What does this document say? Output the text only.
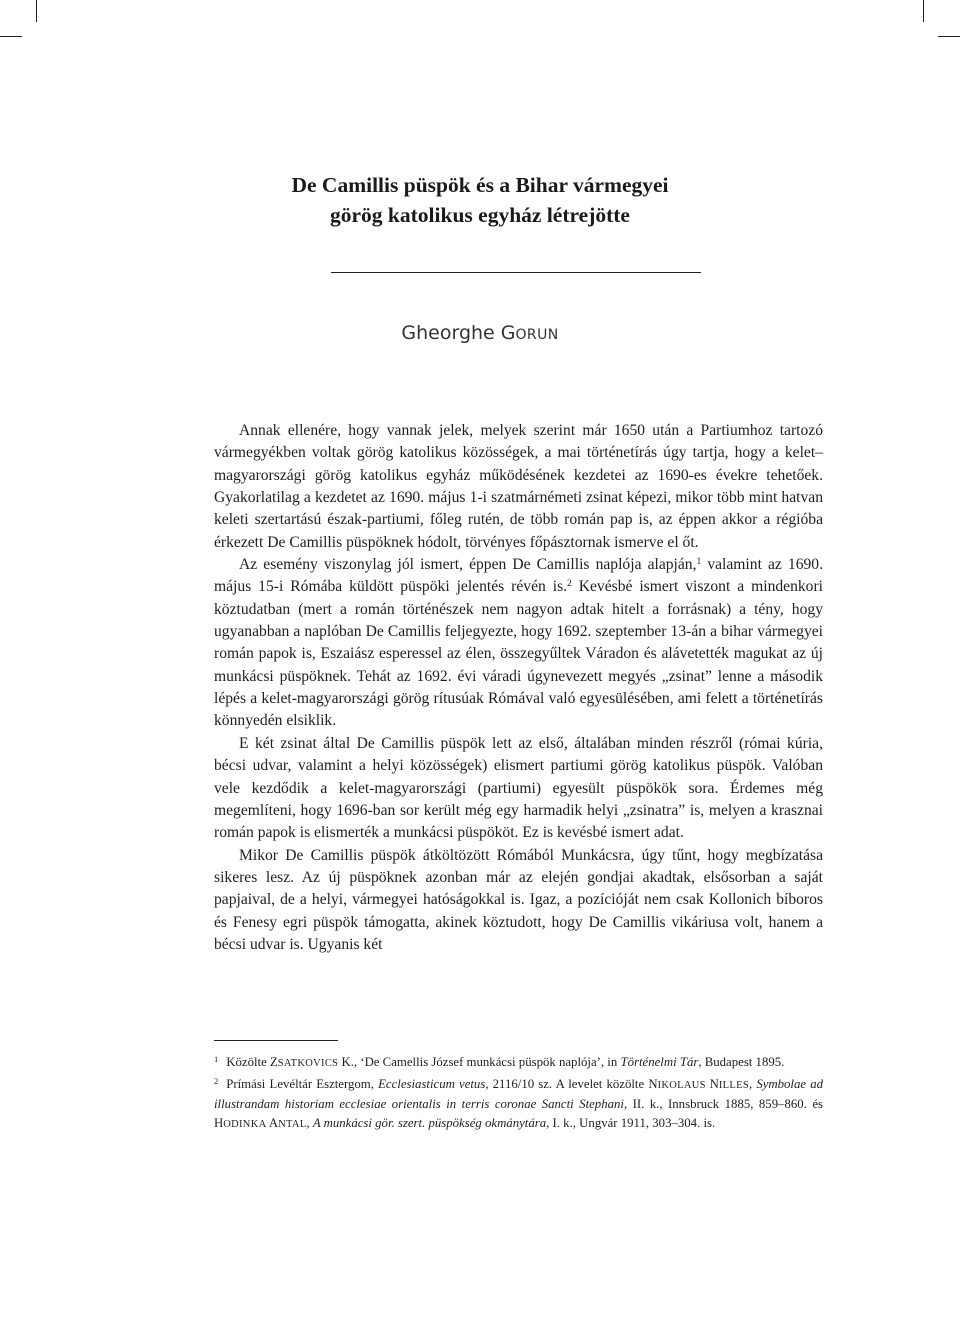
De Camillis püspök és a Bihar vármegyei
görög katolikus egyház létrejötte
Gheorghe GORUN

Annak ellenére, hogy vannak jelek, melyek szerint már 1650 után a Partiumhoz tartozó vármegyékben voltak görög katolikus közösségek, a mai történetírás úgy tartja, hogy a kelet–magyarországi görög katolikus egyház működésének kezdetei az 1690-es évekre tehetőek. Gyakorlatilag a kezdetet az 1690. május 1-i szatmárnémeti zsinat képezi, mikor több mint hatvan keleti szertartású észak-partiumi, főleg rutén, de több román pap is, az éppen akkor a régióba érkezett De Camillis püspöknek hódolt, törvényes főpásztornak ismerve el őt.

Az esemény viszonylag jól ismert, éppen De Camillis naplója alapján,$^1$ valamint az 1690. május 15-i Rómába küldött püspöki jelentés révén is.$^2$ Kevésbé ismert viszont a mindenkori köztudatban (mert a román történészek nem nagyon adtak hitelt a forrásnak) a tény, hogy ugyanabban a naplóban De Camillis feljegyezte, hogy 1692. szeptember 13-án a bihar vármegyei román papok is, Eszaiász esperessel az élen, összegyűltek Váradon és alávetették magukat az új munkácsi püspöknek. Tehát az 1692. évi váradi úgynevezett megyés „zsinat” lenne a második lépés a kelet-magyarországi görög rítusúak Rómával való egyesülésében, ami felett a történetírás könnyedén elsiklik.

E két zsinat által De Camillis püspök lett az első, általában minden részről (római kúria, bécsi udvar, valamint a helyi közösségek) elismert partiumi görög katolikus püspök. Valóban vele kezdődik a kelet-magyarországi (partiumi) egyesült püspökök sora. Érdemes még megemlíteni, hogy 1696-ban sor került még egy harmadik helyi „zsinatra” is, melyen a krasznai román papok is elismerték a munkácsi püspököt. Ez is kevésbé ismert adat.

Mikor De Camillis püspök átköltözött Rómából Munkácsra, úgy tűnt, hogy megbízatása sikeres lesz. Az új püspöknek azonban már az elején gondjai akadtak, elsősorban a saját papjaival, de a helyi, vármegyei hatóságokkal is. Igaz, a pozícióját nem csak Kollonich bíboros és Fenesy egri püspök támogatta, akinek köztudott, hogy De Camillis vikáriusa volt, hanem a bécsi udvar is. Ugyanis két

$^1$ Közölte ZSATKOVICS K., ‘De Camellis József munkácsi püspök naplója’, in Történelmi Tár, Budapest 1895.

$^2$ Prímási Levéltár Esztergom, Ecclesiasticum vetus, 2116/10 sz. A levelet közölte NIKOLAUS NILLES, Symbolae ad illustrandam historiam ecclesiae orientalis in terris coronae Sancti Stephani, II. k., Innsbruck 1885, 859–860. és HODINKA ANTAL, A munkácsi gör. szert. püspökség okmánytára, I. k., Ungvár 1911, 303–304. is.
